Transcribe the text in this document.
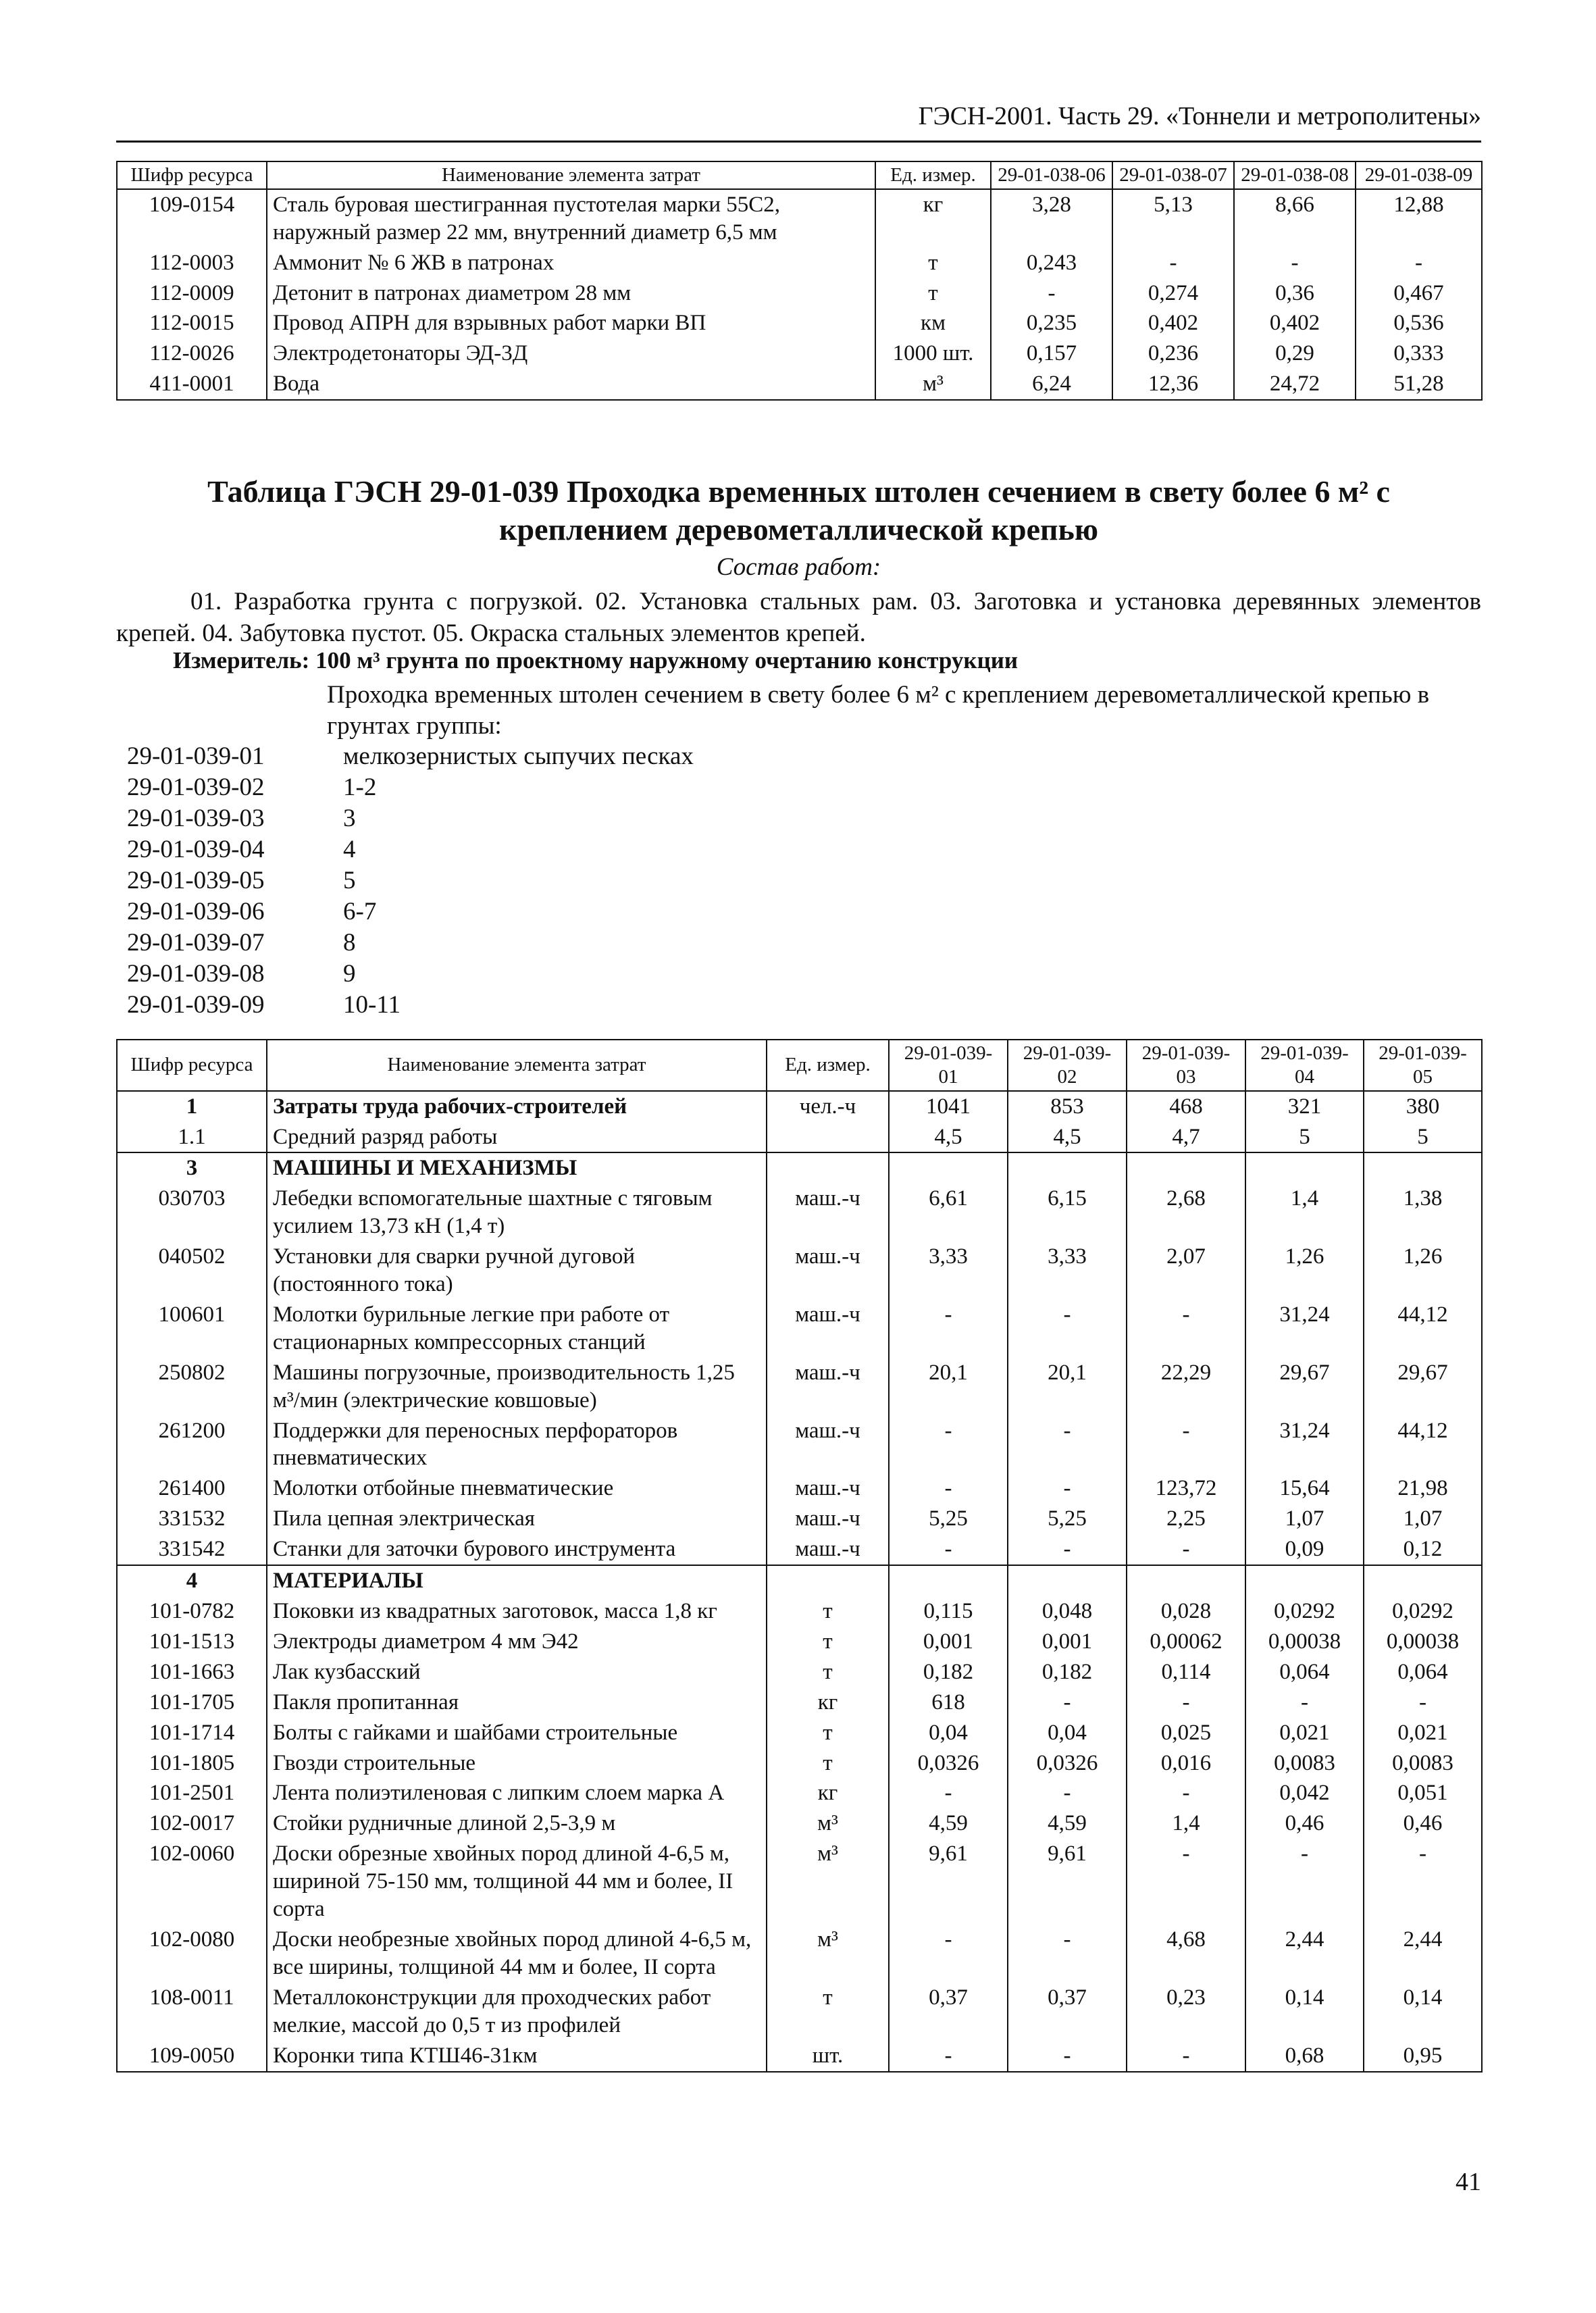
ГЭСН-2001. Часть 29. «Тоннели и метрополитены»
Шифр ресурса	Наименование элемента затрат	Ед. измер.	29-01-038-06	29-01-038-07	29-01-038-08	29-01-038-09
109-0154	Сталь буровая шестигранная пустотелая марки 55С2, наружный размер 22 мм, внутренний диаметр 6,5 мм	кг	3,28	5,13	8,66	12,88
112-0003	Аммонит № 6 ЖВ в патронах	т	0,243	-	-	-
112-0009	Детонит в патронах диаметром 28 мм	т	-	0,274	0,36	0,467
112-0015	Провод АПРН для взрывных работ марки ВП	км	0,235	0,402	0,402	0,536
112-0026	Электродетонаторы ЭД-3Д	1000 шт.	0,157	0,236	0,29	0,333
411-0001	Вода	м³	6,24	12,36	24,72	51,28
Таблица ГЭСН 29-01-039 Проходка временных штолен сечением в свету более 6 м² с
креплением деревометаллической крепью
Состав работ:
01. Разработка грунта с погрузкой. 02. Установка стальных рам. 03. Заготовка и установка деревянных элементов крепей. 04. Забутовка пустот. 05. Окраска стальных элементов крепей.
Измеритель: 100 м³ грунта по проектному наружному очертанию конструкции
Проходка временных штолен сечением в свету более 6 м² с креплением деревометаллической крепью в грунтах группы:
29-01-039-01	мелкозернистых сыпучих песках
29-01-039-02	1-2
29-01-039-03	3
29-01-039-04	4
29-01-039-05	5
29-01-039-06	6-7
29-01-039-07	8
29-01-039-08	9
29-01-039-09	10-11
Шифр ресурса	Наименование элемента затрат	Ед. измер.	29-01-039-01	29-01-039-02	29-01-039-03	29-01-039-04	29-01-039-05
1	Затраты труда рабочих-строителей	чел.-ч	1041	853	468	321	380
1.1	Средний разряд работы		4,5	4,5	4,7	5	5
3	МАШИНЫ И МЕХАНИЗМЫ						
030703	Лебедки вспомогательные шахтные с тяговым усилием 13,73 кН (1,4 т)	маш.-ч	6,61	6,15	2,68	1,4	1,38
040502	Установки для сварки ручной дуговой (постоянного тока)	маш.-ч	3,33	3,33	2,07	1,26	1,26
100601	Молотки бурильные легкие при работе от стационарных компрессорных станций	маш.-ч	-	-	-	31,24	44,12
250802	Машины погрузочные, производительность 1,25 м³/мин (электрические ковшовые)	маш.-ч	20,1	20,1	22,29	29,67	29,67
261200	Поддержки для переносных перфораторов пневматических	маш.-ч	-	-	-	31,24	44,12
261400	Молотки отбойные пневматические	маш.-ч	-	-	123,72	15,64	21,98
331532	Пила цепная электрическая	маш.-ч	5,25	5,25	2,25	1,07	1,07
331542	Станки для заточки бурового инструмента	маш.-ч	-	-	-	0,09	0,12
4	МАТЕРИАЛЫ						
101-0782	Поковки из квадратных заготовок, масса 1,8 кг	т	0,115	0,048	0,028	0,0292	0,0292
101-1513	Электроды диаметром 4 мм Э42	т	0,001	0,001	0,00062	0,00038	0,00038
101-1663	Лак кузбасский	т	0,182	0,182	0,114	0,064	0,064
101-1705	Пакля пропитанная	кг	618	-	-	-	-
101-1714	Болты с гайками и шайбами строительные	т	0,04	0,04	0,025	0,021	0,021
101-1805	Гвозди строительные	т	0,0326	0,0326	0,016	0,0083	0,0083
101-2501	Лента полиэтиленовая с липким слоем марка А	кг	-	-	-	0,042	0,051
102-0017	Стойки рудничные длиной 2,5-3,9 м	м³	4,59	4,59	1,4	0,46	0,46
102-0060	Доски обрезные хвойных пород длиной 4-6,5 м, шириной 75-150 мм, толщиной 44 мм и более, II сорта	м³	9,61	9,61	-	-	-
102-0080	Доски необрезные хвойных пород длиной 4-6,5 м, все ширины, толщиной 44 мм и более, II сорта	м³	-	-	4,68	2,44	2,44
108-0011	Металлоконструкции для проходческих работ мелкие, массой до 0,5 т из профилей	т	0,37	0,37	0,23	0,14	0,14
109-0050	Коронки типа КТШ46-31км	шт.	-	-	-	0,68	0,95
41
